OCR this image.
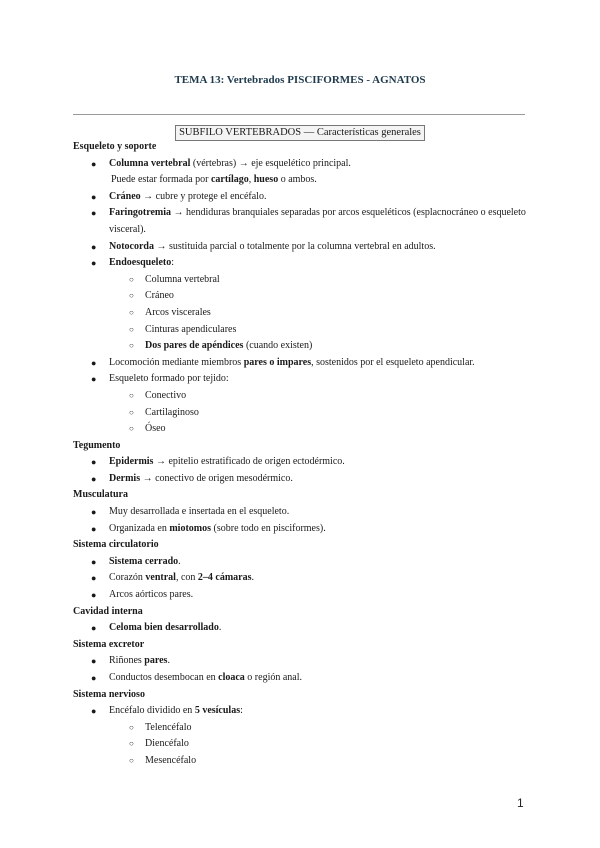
TEMA 13: Vertebrados PISCIFORMES - AGNATOS
SUBFILO VERTEBRADOS — Características generales
Esqueleto y soporte
● Columna vertebral (vértebras) → eje esquelético principal.
Puede estar formada por cartílago, hueso o ambos.
● Cráneo → cubre y protege el encéfalo.
● Faringotremia → hendiduras branquiales separadas por arcos esqueléticos (esplacnocráneo o esqueleto visceral).
● Notocorda → sustituida parcial o totalmente por la columna vertebral en adultos.
● Endoesqueleto:
○ Columna vertebral
○ Cráneo
○ Arcos viscerales
○ Cinturas apendiculares
○ Dos pares de apéndices (cuando existen)
● Locomoción mediante miembros pares o impares, sostenidos por el esqueleto apendicular.
● Esqueleto formado por tejido:
○ Conectivo
○ Cartilaginoso
○ Óseo
Tegumento
● Epidermis → epitelio estratificado de origen ectodérmico.
● Dermis → conectivo de origen mesodérmico.
Musculatura
● Muy desarrollada e insertada en el esqueleto.
● Organizada en miotomos (sobre todo en pisciformes).
Sistema circulatorio
● Sistema cerrado.
● Corazón ventral, con 2–4 cámaras.
● Arcos aórticos pares.
Cavidad interna
● Celoma bien desarrollado.
Sistema excretor
● Riñones pares.
● Conductos desembocan en cloaca o región anal.
Sistema nervioso
● Encéfalo dividido en 5 vesículas:
○ Telencéfalo
○ Diencéfalo
○ Mesencéfalo
1
